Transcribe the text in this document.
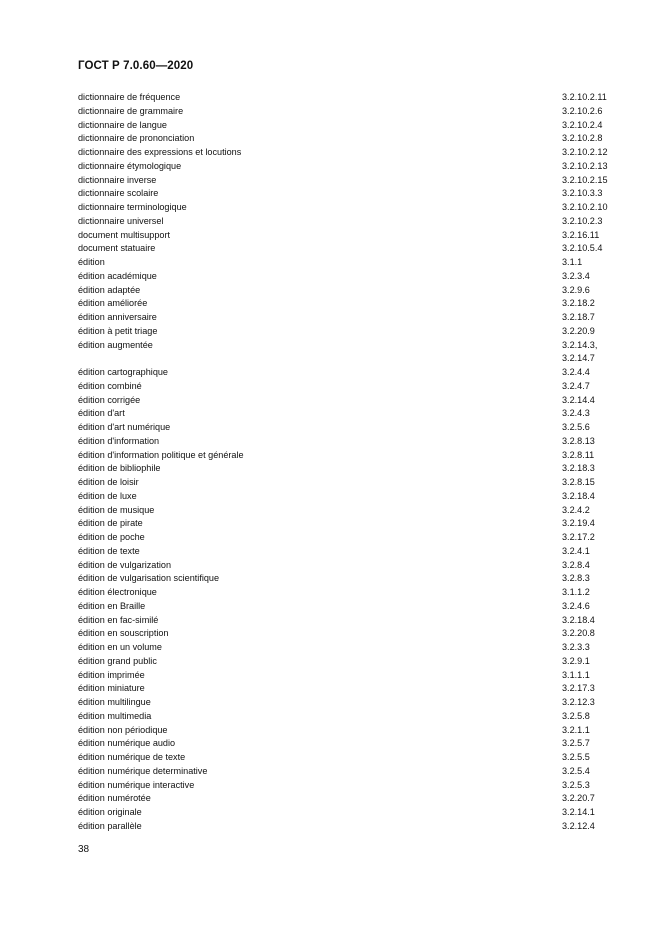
ГОСТ Р 7.0.60—2020
dictionnaire de fréquence	3.2.10.2.11
dictionnaire de grammaire	3.2.10.2.6
dictionnaire de langue	3.2.10.2.4
dictionnaire de prononciation	3.2.10.2.8
dictionnaire des expressions et locutions	3.2.10.2.12
dictionnaire étymologique	3.2.10.2.13
dictionnaire inverse	3.2.10.2.15
dictionnaire scolaire	3.2.10.3.3
dictionnaire terminologique	3.2.10.2.10
dictionnaire universel	3.2.10.2.3
document multisupport	3.2.16.11
document statuaire	3.2.10.5.4
édition	3.1.1
édition académique	3.2.3.4
édition adaptée	3.2.9.6
édition améliorée	3.2.18.2
édition anniversaire	3.2.18.7
édition à petit triage	3.2.20.9
édition augmentée	3.2.14.3,
3.2.14.7
édition cartographique	3.2.4.4
édition combiné	3.2.4.7
édition corrigée	3.2.14.4
édition d'art	3.2.4.3
édition d'art numérique	3.2.5.6
édition d'information	3.2.8.13
édition d'information politique et générale	3.2.8.11
édition de bibliophile	3.2.18.3
édition de loisir	3.2.8.15
édition de luxe	3.2.18.4
édition de musique	3.2.4.2
édition de pirate	3.2.19.4
édition de poche	3.2.17.2
édition de texte	3.2.4.1
édition de vulgarization	3.2.8.4
édition de vulgarisation scientifique	3.2.8.3
édition électronique	3.1.1.2
édition en Braille	3.2.4.6
édition en fac-similé	3.2.18.4
édition en souscription	3.2.20.8
édition en un volume	3.2.3.3
édition grand public	3.2.9.1
édition imprimée	3.1.1.1
édition miniature	3.2.17.3
édition multilingue	3.2.12.3
édition multimedia	3.2.5.8
édition non périodique	3.2.1.1
édition numérique audio	3.2.5.7
édition numérique de texte	3.2.5.5
édition numérique determinative	3.2.5.4
édition numérique interactive	3.2.5.3
édition numérotée	3.2.20.7
édition originale	3.2.14.1
édition parallèle	3.2.12.4
38
